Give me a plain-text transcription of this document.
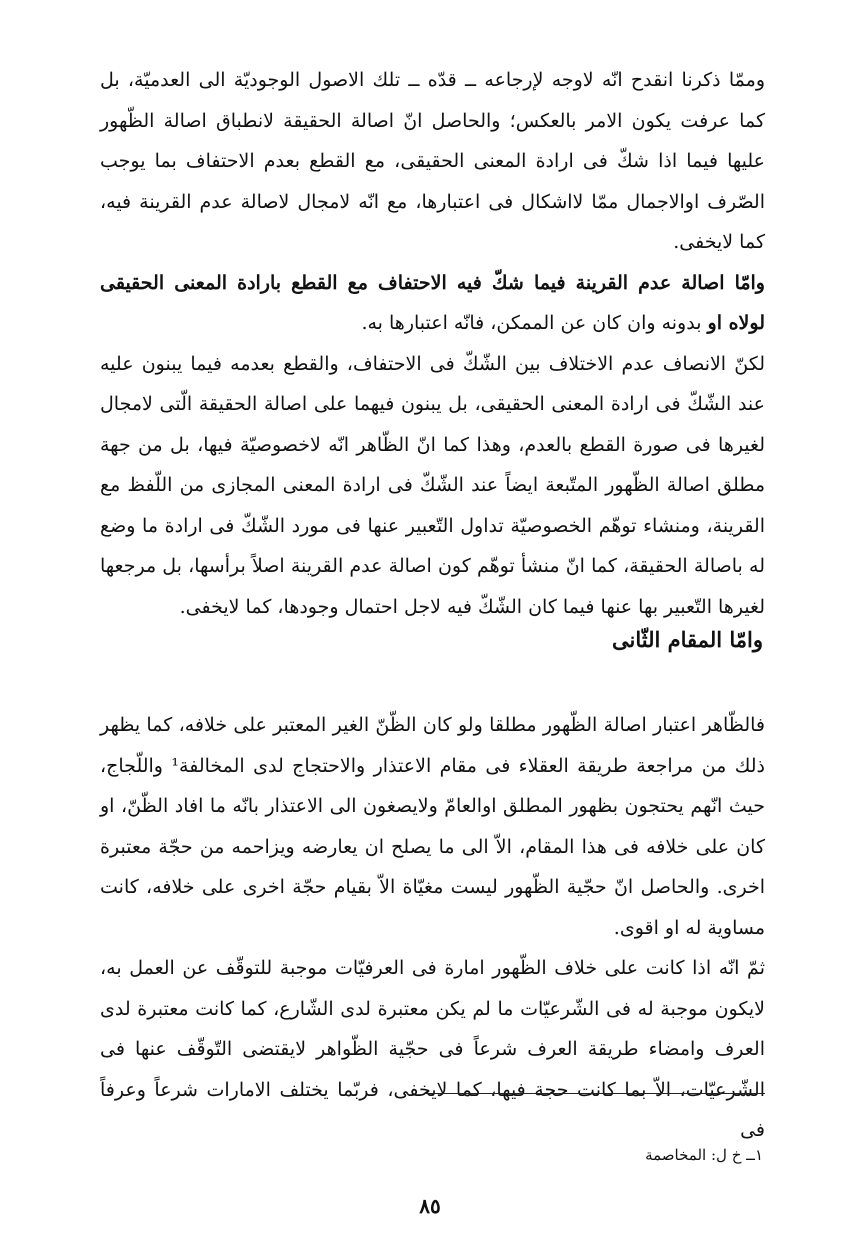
وممّا ذكرنا انقدح انّه لاوجه لإرجاعه ــ قدّه ــ تلك الاصول الوجوديّة الى العدميّة، بل كما عرفت يكون الامر بالعكس؛ والحاصل انّ اصالة الحقيقة لانطباق اصالة الظّهور عليها فيما اذا شكّ فى ارادة المعنى الحقيقى، مع القطع بعدم الاحتفاف بما يوجب الصّرف اوالاجمال ممّا لااشكال فى اعتبارها، مع انّه لامجال لاصالة عدم القرينة فيه، كما لايخفى.

وامّا اصالة عدم القرينة فيما شكّ فيه الاحتفاف مع القطع بارادة المعنى الحقيقى لولاه او بدونه وان كان عن الممكن، فانّه اعتبارها به.

لكنّ الانصاف عدم الاختلاف بين الشّكّ فى الاحتفاف، والقطع بعدمه فيما يبنون عليه عند الشّكّ فى ارادة المعنى الحقيقى، بل يبنون فيهما على اصالة الحقيقة الّتى لامجال لغيرها فى صورة القطع بالعدم، وهذا كما انّ الظّاهر انّه لاخصوصيّة فيها، بل من جهة مطلق اصالة الظّهور المتّبعة ايضاً عند الشّكّ فى ارادة المعنى المجازى من اللّفظ مع القرينة، ومنشاء توهّم الخصوصيّة تداول التّعبير عنها فى مورد الشّكّ فى ارادة ما وضع له باصالة الحقيقة، كما انّ منشأ توهّم كون اصالة عدم القرينة اصلاً برأسها، بل مرجعها لغيرها التّعبير بها عنها فيما كان الشّكّ فيه لاجل احتمال وجودها، كما لايخفى.

وامّا المقام الثّانى

فالظّاهر اعتبار اصالة الظّهور مطلقا ولو كان الظّنّ الغير المعتبر على خلافه، كما يظهر ذلك من مراجعة طريقة العقلاء فى مقام الاعتذار والاحتجاج لدى المخالفة¹ واللّجاج، حيث انّهم يحتجون بظهور المطلق اوالعامّ ولايصغون الى الاعتذار بانّه ما افاد الظّنّ، او كان على خلافه فى هذا المقام، الاّ الى ما يصلح ان يعارضه ويزاحمه من حجّة معتبرة اخرى. والحاصل انّ حجّية الظّهور ليست مغيّاة الاّ بقيام حجّة اخرى على خلافه، كانت مساوية له او اقوى.

ثمّ انّه اذا كانت على خلاف الظّهور امارة فى العرفيّات موجبة للتوقّف عن العمل به، لايكون موجبة له فى الشّرعيّات ما لم يكن معتبرة لدى الشّارع، كما كانت معتبرة لدى العرف وامضاء طريقة العرف شرعاً فى حجّية الظّواهر لايقتضى التّوقّف عنها فى الشّرعيّات، الاّ بما كانت حجة فيها، كما لايخفى، فربّما يختلف الامارات شرعاً وعرفاً فى

١ــ خ ل: المخاصمة
٨٥
